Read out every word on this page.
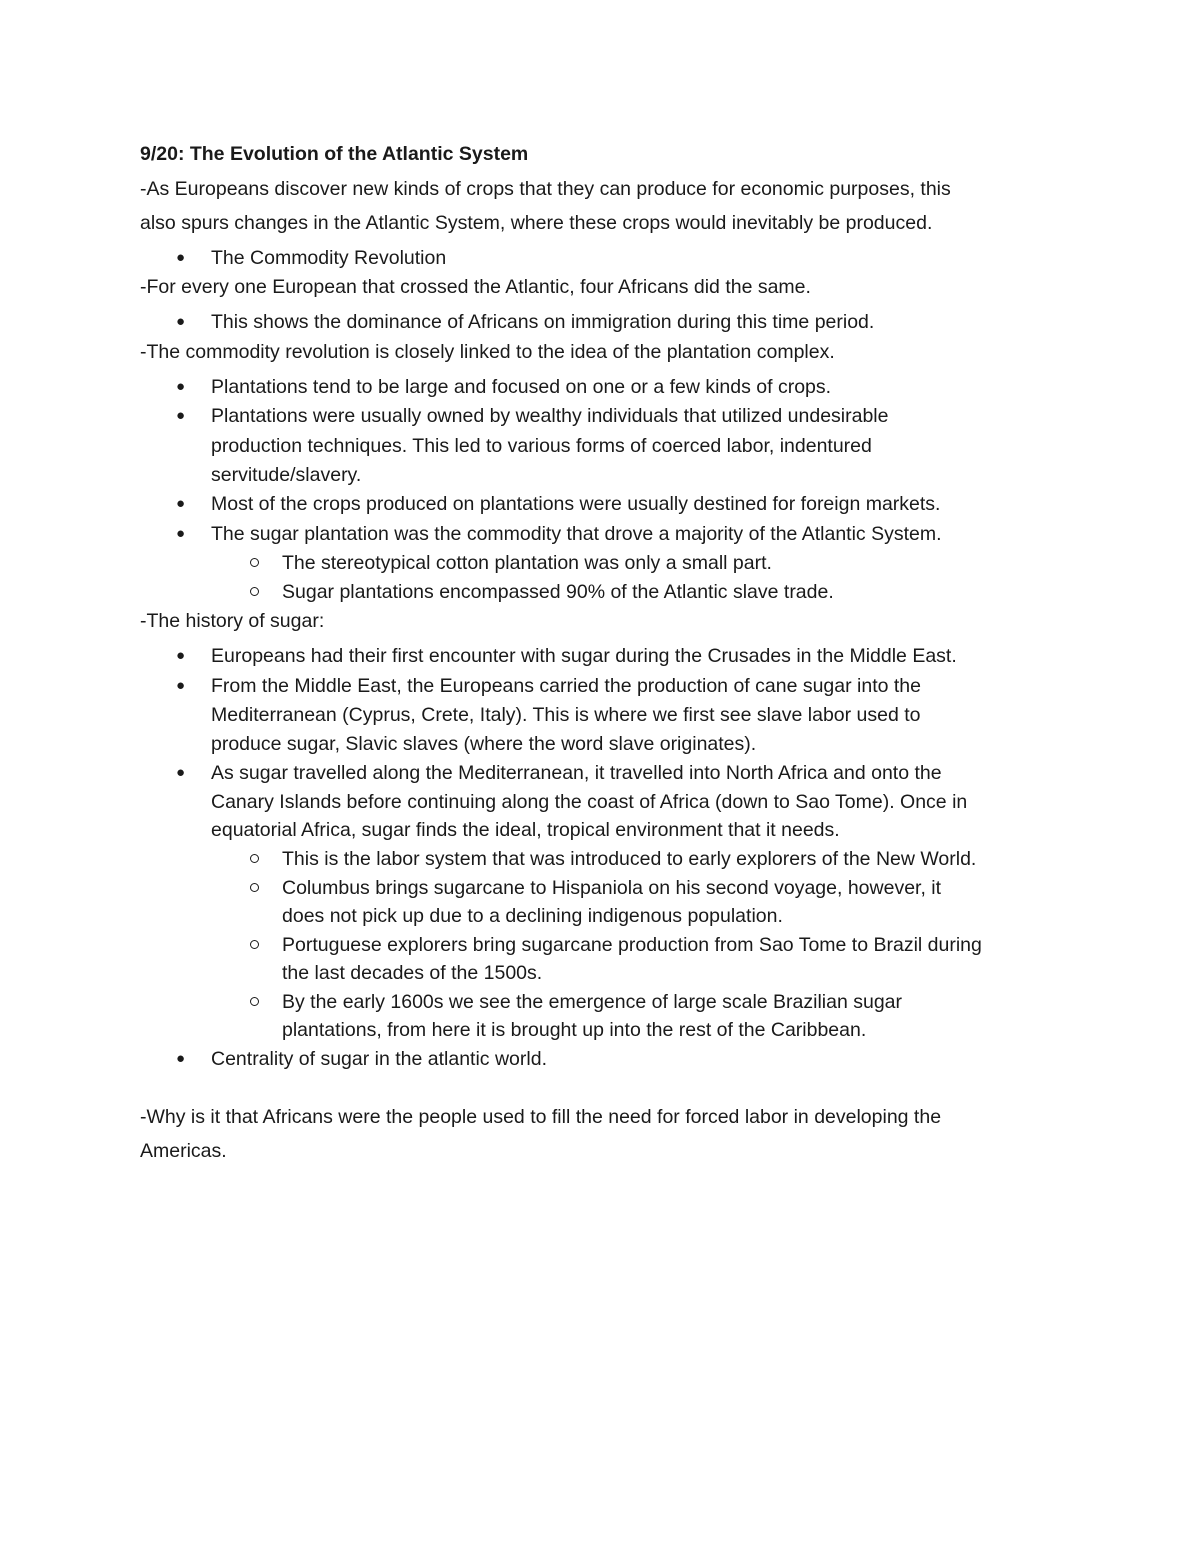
9/20: The Evolution of the Atlantic System

-As Europeans discover new kinds of crops that they can produce for economic purposes, this

also spurs changes in the Atlantic System, where these crops would inevitably be produced.

● The Commodity Revolution

-For every one European that crossed the Atlantic, four Africans did the same.

● This shows the dominance of Africans on immigration during this time period.

-The commodity revolution is closely linked to the idea of the plantation complex.

● Plantations tend to be large and focused on one or a few kinds of crops.

● Plantations were usually owned by wealthy individuals that utilized undesirable

production techniques. This led to various forms of coerced labor, indentured

servitude/slavery.

● Most of the crops produced on plantations were usually destined for foreign markets.

● The sugar plantation was the commodity that drove a majority of the Atlantic System.

The stereotypical cotton plantation was only a small part.

Sugar plantations encompassed 90% of the Atlantic slave trade.

-The history of sugar:

● Europeans had their first encounter with sugar during the Crusades in the Middle East.

● From the Middle East, the Europeans carried the production of cane sugar into the

Mediterranean (Cyprus, Crete, Italy). This is where we first see slave labor used to

produce sugar, Slavic slaves (where the word slave originates).

● As sugar travelled along the Mediterranean, it travelled into North Africa and onto the

Canary Islands before continuing along the coast of Africa (down to Sao Tome). Once in

equatorial Africa, sugar finds the ideal, tropical environment that it needs.

This is the labor system that was introduced to early explorers of the New World.

Columbus brings sugarcane to Hispaniola on his second voyage, however, it

does not pick up due to a declining indigenous population.

Portuguese explorers bring sugarcane production from Sao Tome to Brazil during

the last decades of the 1500s.

By the early 1600s we see the emergence of large scale Brazilian sugar

plantations, from here it is brought up into the rest of the Caribbean.

● Centrality of sugar in the atlantic world.

-Why is it that Africans were the people used to fill the need for forced labor in developing the

Americas.
